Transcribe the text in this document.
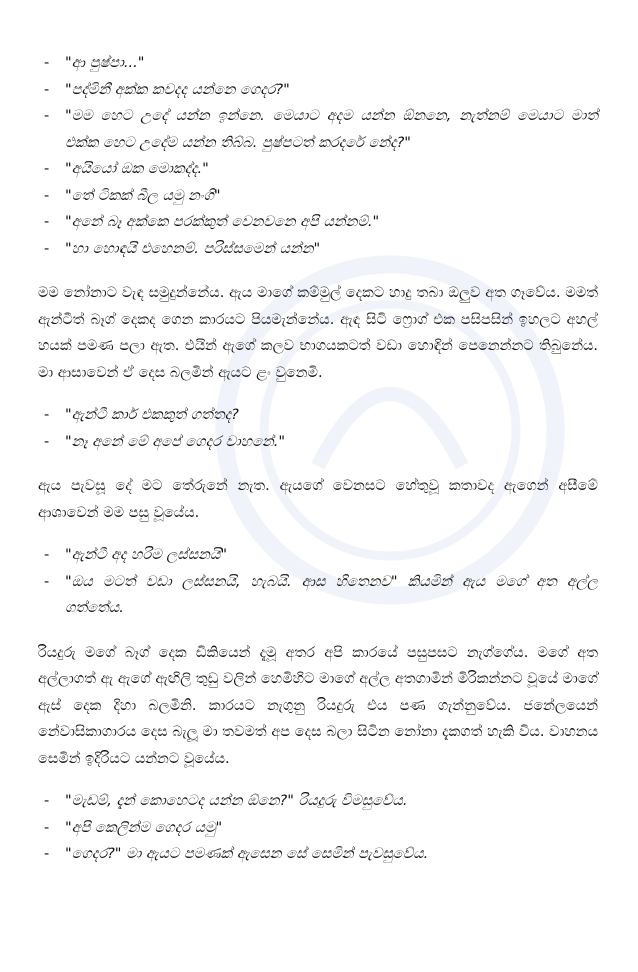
- "ආ පුෂ්පා..."
- "පද්මිනී අක්ක කවදද යන්නෙ ගෙදර?"
- "මම හෙට උදේ යන්න ඉන්නෙ. මෙයාට අදම යන්න ඕනනෙ, නැත්නම් මෙයාට මාත් එක්ක හෙට උදේම යන්න තිබ්බ. පුෂ්පටත් කරදරේ නේද?"
- "අයියෝ ඔක මොකද්ද."
- "තේ ටිකක් බීල යමු නංගි"
- "අනේ බෑ අක්කෙ පරක්කුත් වෙනවනෙ අපි යන්නම්."
- "හා හොඳයි එහෙනම්. පරිස්සමෙන් යන්න"

මම නෝනාට වැඳ සමුදුන්නේය. ඇය මාගේ කම්මුල් දෙකට හාදු තබා ඔලුව අත ගෑවේය. මමත් ඇන්ටීත් බෑග් දෙකද ගෙන කාරයට පියමැන්නේය. ඇඳ සිටි ෆ්‍රොග් එක පසිපසින් ඉහලට අහල් හයක් පමණ පලා ඇත. එයින් ඇගේ කලව භාගයකටත් වඩා හොඳින් පෙනෙන්නට තිබුනේය. මා ආසාවෙන් ඒ දෙස බලමින් ඇයට ළං වුනෙමි.

- "ඇන්ටී කාර් එකකුත් ගත්තද?
- "නෑ අනේ මේ අපේ ගෙදර වාහනේ."

ඇය පැවසූ දේ මට තේරුනේ නැත. ඇයගේ වෙනසට හේතුවූ කතාවද ඇගෙන් අසීමේ ආශාවෙන් මම පසු වූයේය.

- "ඇන්ටී අද හරිම ලස්සනයි"
- "ඔය මටත් වඩා ලස්සනයි, හැබයි. ආස හිතෙනව" කියමින් ඇය මගේ අත අල්ල ගත්තේය.

රියදුරු මගේ බෑග් දෙක ඩිකියෙන් දැමූ අතර අපි කාරයේ පසුපසට නැග්ගේය. මගේ අත අල්ලාගත් ඇ ඇගේ ඇඟිලි තුඩු වලින් හෙමිහිට මාගේ අල්ල අතගාමින් මිරිකන්නට වූයේ මාගේ ඇස් දෙක දිහා බලමිනි. කාරයට නැගුනු රියදුරු එය පණ ගැන්නුවේය. ජනේලයෙන් නේවාසිකාගාරය දෙස බැලූ මා තවමත් අප දෙස බලා සිටින නෝනා දැකගත් හැකි විය. වාහනය සෙමින් ඉදිරියට යන්නට වූයේය.

- "මැඩම්, දැන් කොහෙටද යන්න ඕනෙ?" රියදුරු විමසුවේය.
- "අපි කෙලින්ම ගෙදර යමු"
- "ගෙදර?" මා ඇයට පමණක් ඇසෙන සේ සෙමින් පැවසුවේය.
